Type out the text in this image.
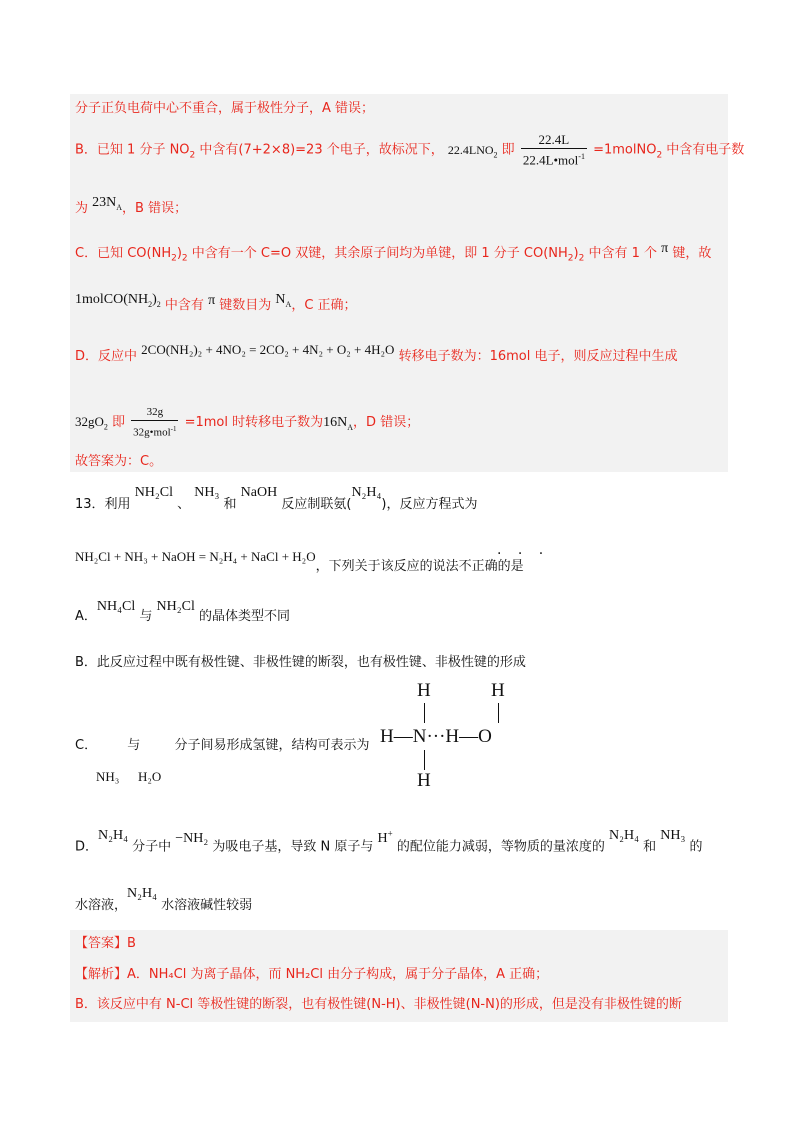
分子正负电荷中心不重合，属于极性分子，A 错误；
B．已知 1 分子 $NO_2$ 中含有(7+2×8)=23 个电子，故标况下， $22.4LNO_2$ 即 $\frac{22.4L}{22.4L•mol^{-1}}$ =1molNO$_2$ 中含有电子数
为 $23N_A$，B 错误；
C．已知 $CO(NH_2)_2$ 中含有一个 C=O 双键，其余原子间均为单键，即 1 分子 $CO(NH_2)_2$ 中含有 1 个 π 键，故
$1molCO(NH_2)_2$ 中含有 π 键数目为 $N_A$，C 正确；
D．反应中 2CO(NH₂)₂ + 4NO₂ = 2CO₂ + 4N₂ + O₂ + 4H₂O 转移电子数为：16mol 电子，则反应过程中生成
$32gO_2$ 即 $\frac{32g}{32g•mol^{-1}} =1mol$ 时转移电子数为$16N_A$，D 错误；
故答案为：C。
13．利用 NH₂Cl 、 NH₃ 和 NaOH 反应制联氨(N₂H₄)，反应方程式为
NH₂Cl + NH₃ + NaOH = N₂H₄ + NaCl + H₂O，下列关于该反应的说法不正确的是
· · ·
A．NH₄Cl 与 NH₂Cl 的晶体类型不同
B．此反应过程中既有极性键、非极性键的断裂，也有极性键、非极性键的形成
C． 与  分子间易形成氢键，结构可表示为
NH₃ H₂O
H	H
H—N···H—O
H
D．N₂H₄ 分子中 −NH₂ 为吸电子基，导致 N 原子与 H+ 的配位能力减弱，等物质的量浓度的 N₂H₄ 和 NH₃ 的
水溶液，N₂H₄ 水溶液碱性较弱
【答案】B
【解析】A．NH₄Cl 为离子晶体，而 NH₂Cl 由分子构成，属于分子晶体，A 正确；
B．该反应中有 N-Cl 等极性键的断裂，也有极性键(N-H)、非极性键(N-N)的形成，但是没有非极性键的断
